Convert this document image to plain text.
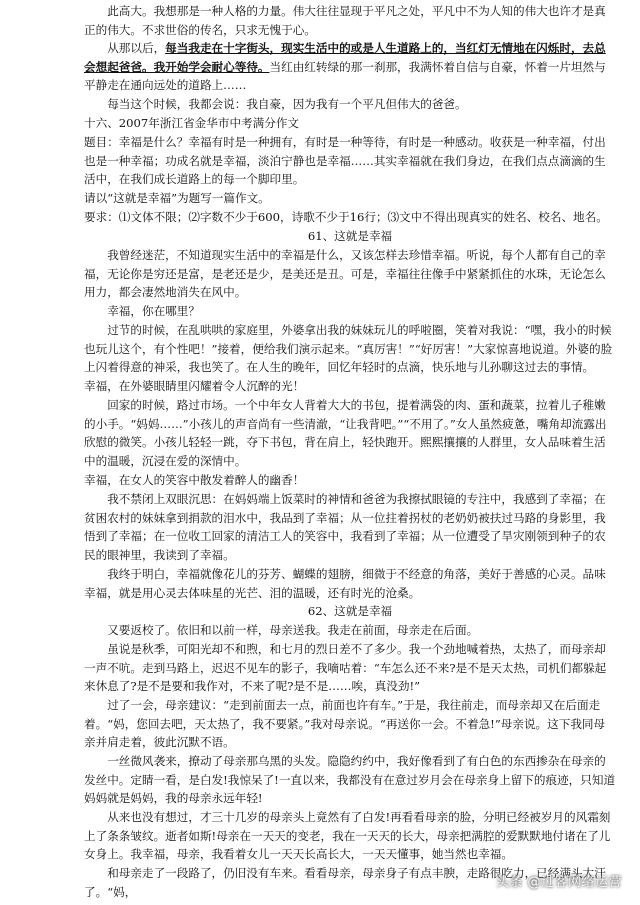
此高大。我想那是一种人格的力量。伟大往往显现于平凡之处，平凡中不为人知的伟大也许才是真正的伟大。不求世俗的传名，只求无愧于心。

从那以后，每当我走在十字街头，现实生活中的或是人生道路上的，当红灯无情地在闪烁时，去总会想起爸爸。我开始学会耐心等待。当红由红转绿的那一刹那，我满怀着自信与自豪，怀着一片坦然与平静走在通向远处的道路上……

每当这个时候，我都会说：我自豪，因为我有一个平凡但伟大的爸爸。

十六、2007年浙江省金华市中考满分作文

题目：幸福是什么？幸福有时是一种拥有，有时是一种等待，有时是一种感动。收获是一种幸福，付出也是一种幸福；功成名就是幸福，淡泊宁静也是幸福……其实幸福就在我们身边，在我们点点滴滴的生活中，在我们成长道路上的每一个脚印里。

请以“这就是幸福”为题写一篇作文。

要求：⑴文体不限；⑵字数不少于600，诗歌不少于16行；⑶文中不得出现真实的姓名、校名、地名。

61、这就是幸福

我曾经迷茫，不知道现实生活中的幸福是什么，又该怎样去珍惜幸福。听说，每个人都有自己的幸福，无论你是穷还是富，是老还是少，是美还是丑。可是，幸福往往像手中紧紧抓住的水珠，无论怎么用力，都会凄然地消失在风中。

幸福，你在哪里？

过节的时候，在乱哄哄的家庭里，外婆拿出我的妹妹玩儿的呼啦圈，笑着对我说：“嘿，我小的时候也玩儿这个，有个性吧！”接着，便给我们演示起来。“真厉害！”“好厉害！”大家惊喜地说道。外婆的脸上闪着得意的神采，我也笑了。在人生的晚年，回忆年轻时的点滴，快乐地与儿孙聊这过去的事情。

幸福，在外婆眼睛里闪耀着令人沉醉的光！

回家的时候，路过市场。一个中年女人背着大大的书包，提着满袋的肉、蛋和蔬菜，拉着儿子稚嫩的小手。“妈妈……”小孩儿的声音尚有一些清澈，“让我背吧。”“不用了。”女人虽然疲惫，嘴角却流露出欣慰的微笑。小孩儿轻轻一跳，夺下书包，背在肩上，轻快跑开。熙熙攘攘的人群里，女人品味着生活中的温暖，沉浸在爱的深情中。

幸福，在女人的笑容中散发着醉人的幽香！

我不禁闭上双眼沉思：在妈妈端上饭菜时的神情和爸爸为我擦拭眼镜的专注中，我感到了幸福；在贫困农村的妹妹拿到捐款的泪水中，我品到了幸福；从一位拄着拐杖的老奶奶被扶过马路的身影里，我悟到了幸福；在一位收工回家的清洁工人的笑容中，我看到了幸福；从一位遭受了旱灾刚领到种子的农民的眼神里，我读到了幸福。

我终于明白，幸福就像花儿的芬芳、蝴蝶的翅膀，细微于不经意的角落，美好于善感的心灵。品味幸福，就是用心灵去体味星的光芒、泪的温暖，还有时光的沧桑。

62、这就是幸福

又要返校了。依旧和以前一样，母亲送我。我走在前面，母亲走在后面。

虽说是秋季，可阳光却不和煦，和七月的烈日差不了多少。我一个劲地喊着热，太热了，而母亲却一声不吭。走到马路上，迟迟不见车的影子，我嘀咕着：“车怎么还不来?是不是天太热，司机们都躲起来休息了?是不是要和我作对，不来了呢?是不是……唉，真没劲!”

过了一会，母亲建议：“走到前面去一点，前面也许有车。”于是，我往前走，而母亲却又在后面走着。“妈，您回去吧，天太热了，我不要紧。”我对母亲说。“再送你一会。不着急!”母亲说。这下我同母亲并肩走着，彼此沉默不语。

一丝微风袭来，撩动了母亲那乌黑的头发。隐隐约约中，我好像看到了有白色的东西掺杂在母亲的发丝中。定睛一看，是白发!我惊呆了!一直以来，我都没有在意过岁月会在母亲身上留下的痕迹，只知道妈妈就是妈妈，我的母亲永远年轻!

从来也没有想过，才三十几岁的母亲头上竟然有了白发!再看看母亲的脸，分明已经被岁月的风霜刻上了条条皱纹。逝者如斯!母亲在一天天的变老，我在一天天的长大，母亲把满腔的爱默默地付诸在了儿女身上。我幸福，母亲，我看着女儿一天天长高长大，一天天懂事，她当然也幸福。

和母亲走了一段路了，仍旧没有车来。看看母亲，母亲身子有点丰腴，走路很吃力，已经满头大汗了。“妈，

头条 @过客网络运营
